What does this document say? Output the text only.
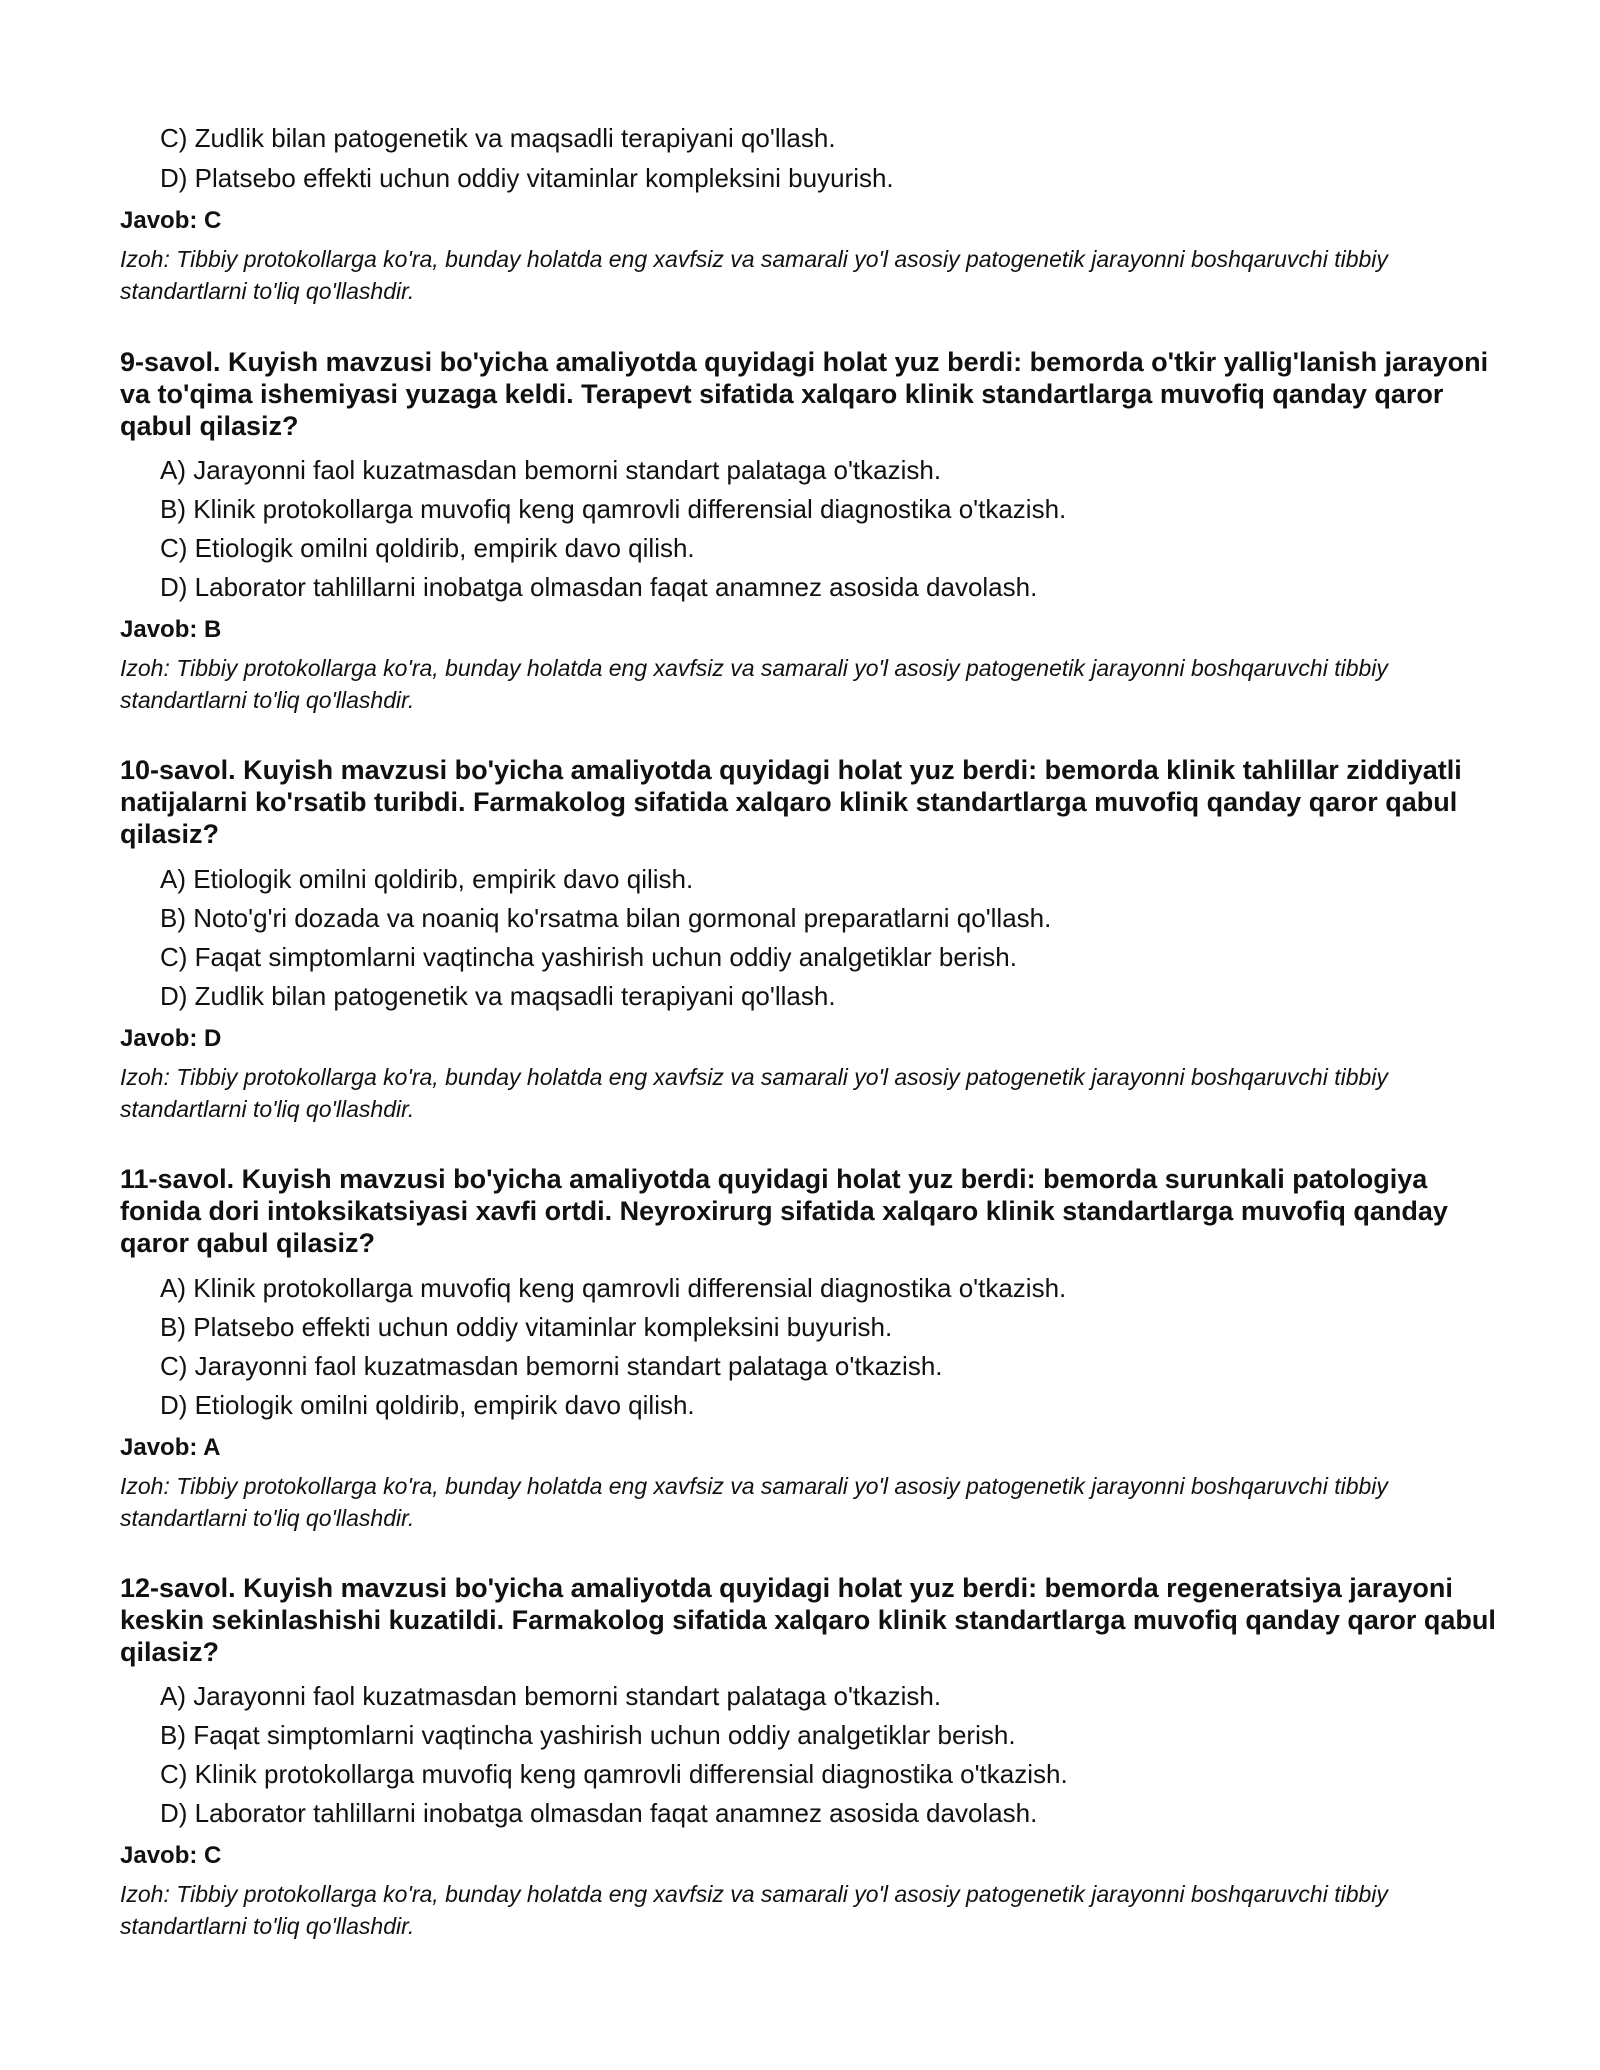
C) Zudlik bilan patogenetik va maqsadli terapiyani qo'llash.
D) Platsebo effekti uchun oddiy vitaminlar kompleksini buyurish.
Javob: C
Izoh: Tibbiy protokollarga ko'ra, bunday holatda eng xavfsiz va samarali yo'l asosiy patogenetik jarayonni boshqaruvchi tibbiy standartlarni to'liq qo'llashdir.
9-savol. Kuyish mavzusi bo'yicha amaliyotda quyidagi holat yuz berdi: bemorda o'tkir yallig'lanish jarayoni va to'qima ishemiyasi yuzaga keldi. Terapevt sifatida xalqaro klinik standartlarga muvofiq qanday qaror qabul qilasiz?
A) Jarayonni faol kuzatmasdan bemorni standart palataga o'tkazish.
B) Klinik protokollarga muvofiq keng qamrovli differensial diagnostika o'tkazish.
C) Etiologik omilni qoldirib, empirik davo qilish.
D) Laborator tahlillarni inobatga olmasdan faqat anamnez asosida davolash.
Javob: B
Izoh: Tibbiy protokollarga ko'ra, bunday holatda eng xavfsiz va samarali yo'l asosiy patogenetik jarayonni boshqaruvchi tibbiy standartlarni to'liq qo'llashdir.
10-savol. Kuyish mavzusi bo'yicha amaliyotda quyidagi holat yuz berdi: bemorda klinik tahlillar ziddiyatli natijalarni ko'rsatib turibdi. Farmakolog sifatida xalqaro klinik standartlarga muvofiq qanday qaror qabul qilasiz?
A) Etiologik omilni qoldirib, empirik davo qilish.
B) Noto'g'ri dozada va noaniq ko'rsatma bilan gormonal preparatlarni qo'llash.
C) Faqat simptomlarni vaqtincha yashirish uchun oddiy analgetiklar berish.
D) Zudlik bilan patogenetik va maqsadli terapiyani qo'llash.
Javob: D
Izoh: Tibbiy protokollarga ko'ra, bunday holatda eng xavfsiz va samarali yo'l asosiy patogenetik jarayonni boshqaruvchi tibbiy standartlarni to'liq qo'llashdir.
11-savol. Kuyish mavzusi bo'yicha amaliyotda quyidagi holat yuz berdi: bemorda surunkali patologiya fonida dori intoksikatsiyasi xavfi ortdi. Neyroxirurg sifatida xalqaro klinik standartlarga muvofiq qanday qaror qabul qilasiz?
A) Klinik protokollarga muvofiq keng qamrovli differensial diagnostika o'tkazish.
B) Platsebo effekti uchun oddiy vitaminlar kompleksini buyurish.
C) Jarayonni faol kuzatmasdan bemorni standart palataga o'tkazish.
D) Etiologik omilni qoldirib, empirik davo qilish.
Javob: A
Izoh: Tibbiy protokollarga ko'ra, bunday holatda eng xavfsiz va samarali yo'l asosiy patogenetik jarayonni boshqaruvchi tibbiy standartlarni to'liq qo'llashdir.
12-savol. Kuyish mavzusi bo'yicha amaliyotda quyidagi holat yuz berdi: bemorda regeneratsiya jarayoni keskin sekinlashishi kuzatildi. Farmakolog sifatida xalqaro klinik standartlarga muvofiq qanday qaror qabul qilasiz?
A) Jarayonni faol kuzatmasdan bemorni standart palataga o'tkazish.
B) Faqat simptomlarni vaqtincha yashirish uchun oddiy analgetiklar berish.
C) Klinik protokollarga muvofiq keng qamrovli differensial diagnostika o'tkazish.
D) Laborator tahlillarni inobatga olmasdan faqat anamnez asosida davolash.
Javob: C
Izoh: Tibbiy protokollarga ko'ra, bunday holatda eng xavfsiz va samarali yo'l asosiy patogenetik jarayonni boshqaruvchi tibbiy standartlarni to'liq qo'llashdir.
